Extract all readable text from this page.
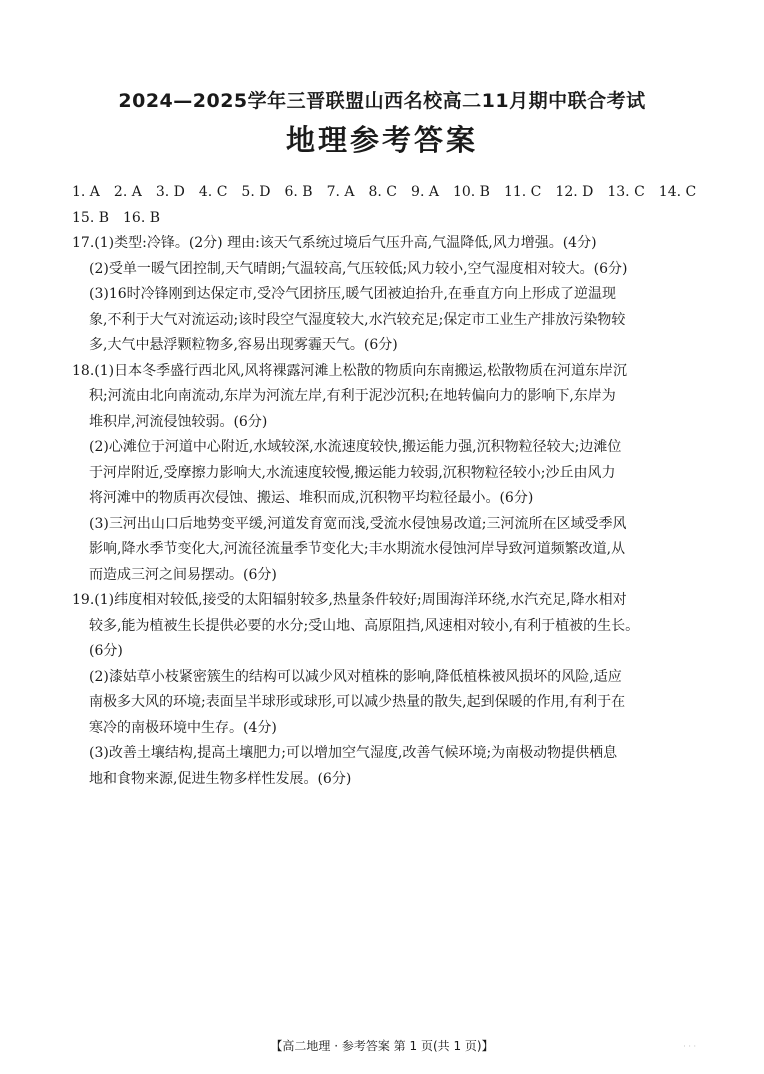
2024—2025学年三晋联盟山西名校高二11月期中联合考试
地理参考答案
1. A 2. A 3. D 4. C 5. D 6. B 7. A 8. C 9. A 10. B 11. C 12. D 13. C 14. C
15. B 16. B
17.(1)类型:冷锋。(2分) 理由:该天气系统过境后气压升高,气温降低,风力增强。(4分)
(2)受单一暖气团控制,天气晴朗;气温较高,气压较低;风力较小,空气湿度相对较大。(6分)
(3)16时冷锋刚到达保定市,受冷气团挤压,暖气团被迫抬升,在垂直方向上形成了逆温现
象,不利于大气对流运动;该时段空气湿度较大,水汽较充足;保定市工业生产排放污染物较
多,大气中悬浮颗粒物多,容易出现雾霾天气。(6分)
18.(1)日本冬季盛行西北风,风将裸露河滩上松散的物质向东南搬运,松散物质在河道东岸沉
积;河流由北向南流动,东岸为河流左岸,有利于泥沙沉积;在地转偏向力的影响下,东岸为
堆积岸,河流侵蚀较弱。(6分)
(2)心滩位于河道中心附近,水域较深,水流速度较快,搬运能力强,沉积物粒径较大;边滩位
于河岸附近,受摩擦力影响大,水流速度较慢,搬运能力较弱,沉积物粒径较小;沙丘由风力
将河滩中的物质再次侵蚀、搬运、堆积而成,沉积物平均粒径最小。(6分)
(3)三河出山口后地势变平缓,河道发育宽而浅,受流水侵蚀易改道;三河流所在区域受季风
影响,降水季节变化大,河流径流量季节变化大;丰水期流水侵蚀河岸导致河道频繁改道,从
而造成三河之间易摆动。(6分)
19.(1)纬度相对较低,接受的太阳辐射较多,热量条件较好;周围海洋环绕,水汽充足,降水相对
较多,能为植被生长提供必要的水分;受山地、高原阻挡,风速相对较小,有利于植被的生长。
(6分)
(2)漆姑草小枝紧密簇生的结构可以减少风对植株的影响,降低植株被风损坏的风险,适应
南极多大风的环境;表面呈半球形或球形,可以减少热量的散失,起到保暖的作用,有利于在
寒冷的南极环境中生存。(4分)
(3)改善土壤结构,提高土壤肥力;可以增加空气湿度,改善气候环境;为南极动物提供栖息
地和食物来源,促进生物多样性发展。(6分)
【高二地理 · 参考答案 第 1 页(共 1 页)】	· · ·
